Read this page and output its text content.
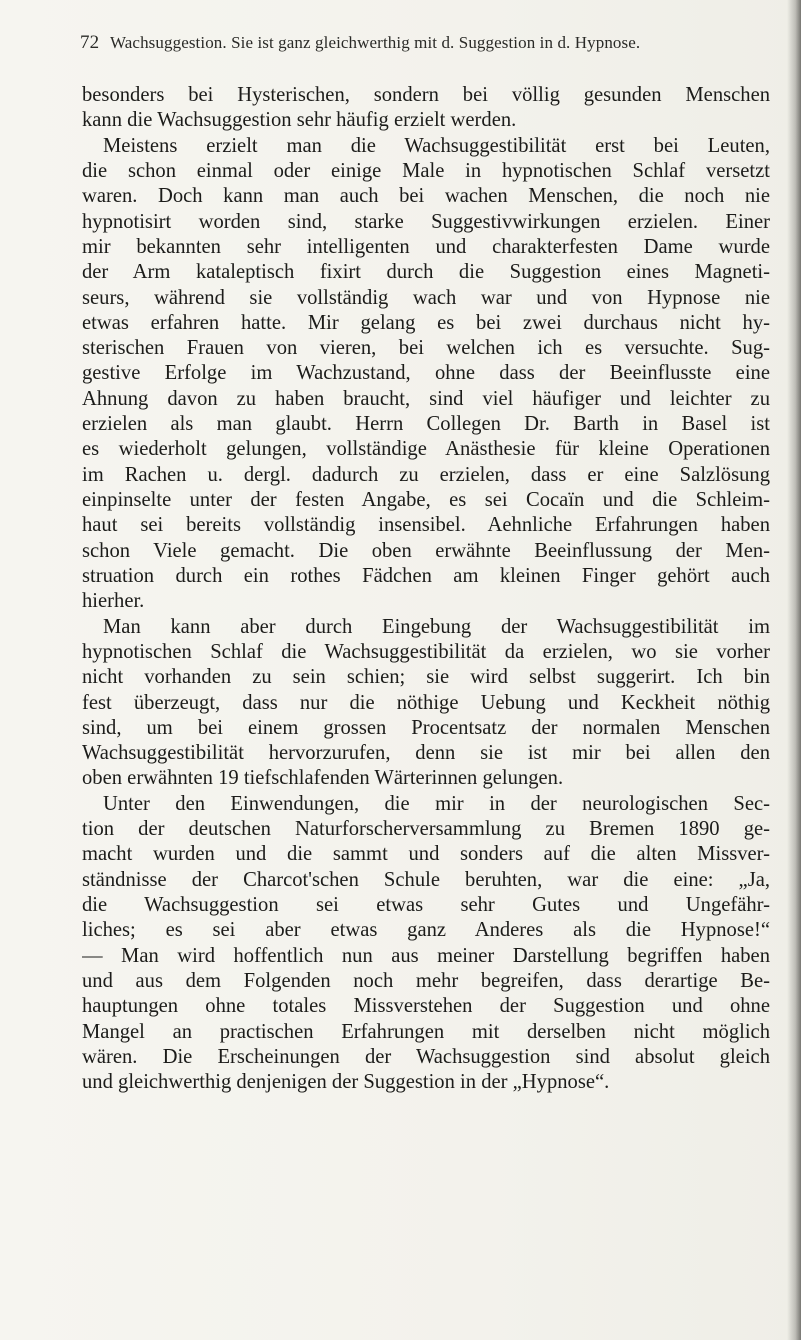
72 Wachsuggestion. Sie ist ganz gleichwerthig mit d. Suggestion in d. Hypnose.
besonders bei Hysterischen, sondern bei völlig gesunden Menschen
kann die Wachsuggestion sehr häufig erzielt werden.
Meistens erzielt man die Wachsuggestibilität erst bei Leuten,
die schon einmal oder einige Male in hypnotischen Schlaf versetzt
waren. Doch kann man auch bei wachen Menschen, die noch nie
hypnotisirt worden sind, starke Suggestivwirkungen erzielen. Einer
mir bekannten sehr intelligenten und charakterfesten Dame wurde
der Arm kataleptisch fixirt durch die Suggestion eines Magneti-
seurs, während sie vollständig wach war und von Hypnose nie
etwas erfahren hatte. Mir gelang es bei zwei durchaus nicht hy-
sterischen Frauen von vieren, bei welchen ich es versuchte. Sug-
gestive Erfolge im Wachzustand, ohne dass der Beeinflusste eine
Ahnung davon zu haben braucht, sind viel häufiger und leichter zu
erzielen als man glaubt. Herrn Collegen Dr. Barth in Basel ist
es wiederholt gelungen, vollständige Anästhesie für kleine Operationen
im Rachen u. dergl. dadurch zu erzielen, dass er eine Salzlösung
einpinselte unter der festen Angabe, es sei Cocaïn und die Schleim-
haut sei bereits vollständig insensibel. Aehnliche Erfahrungen haben
schon Viele gemacht. Die oben erwähnte Beeinflussung der Men-
struation durch ein rothes Fädchen am kleinen Finger gehört auch
hierher.
Man kann aber durch Eingebung der Wachsuggestibilität im
hypnotischen Schlaf die Wachsuggestibilität da erzielen, wo sie vorher
nicht vorhanden zu sein schien; sie wird selbst suggerirt. Ich bin
fest überzeugt, dass nur die nöthige Uebung und Keckheit nöthig
sind, um bei einem grossen Procentsatz der normalen Menschen
Wachsuggestibilität hervorzurufen, denn sie ist mir bei allen den
oben erwähnten 19 tiefschlafenden Wärterinnen gelungen.
Unter den Einwendungen, die mir in der neurologischen Sec-
tion der deutschen Naturforscherversammlung zu Bremen 1890 ge-
macht wurden und die sammt und sonders auf die alten Missver-
ständnisse der Charcot'schen Schule beruhten, war die eine: „Ja,
die Wachsuggestion sei etwas sehr Gutes und Ungefähr-
liches; es sei aber etwas ganz Anderes als die Hypnose!“
— Man wird hoffentlich nun aus meiner Darstellung begriffen haben
und aus dem Folgenden noch mehr begreifen, dass derartige Be-
hauptungen ohne totales Missverstehen der Suggestion und ohne
Mangel an practischen Erfahrungen mit derselben nicht möglich
wären. Die Erscheinungen der Wachsuggestion sind absolut gleich
und gleichwerthig denjenigen der Suggestion in der „Hypnose“.
